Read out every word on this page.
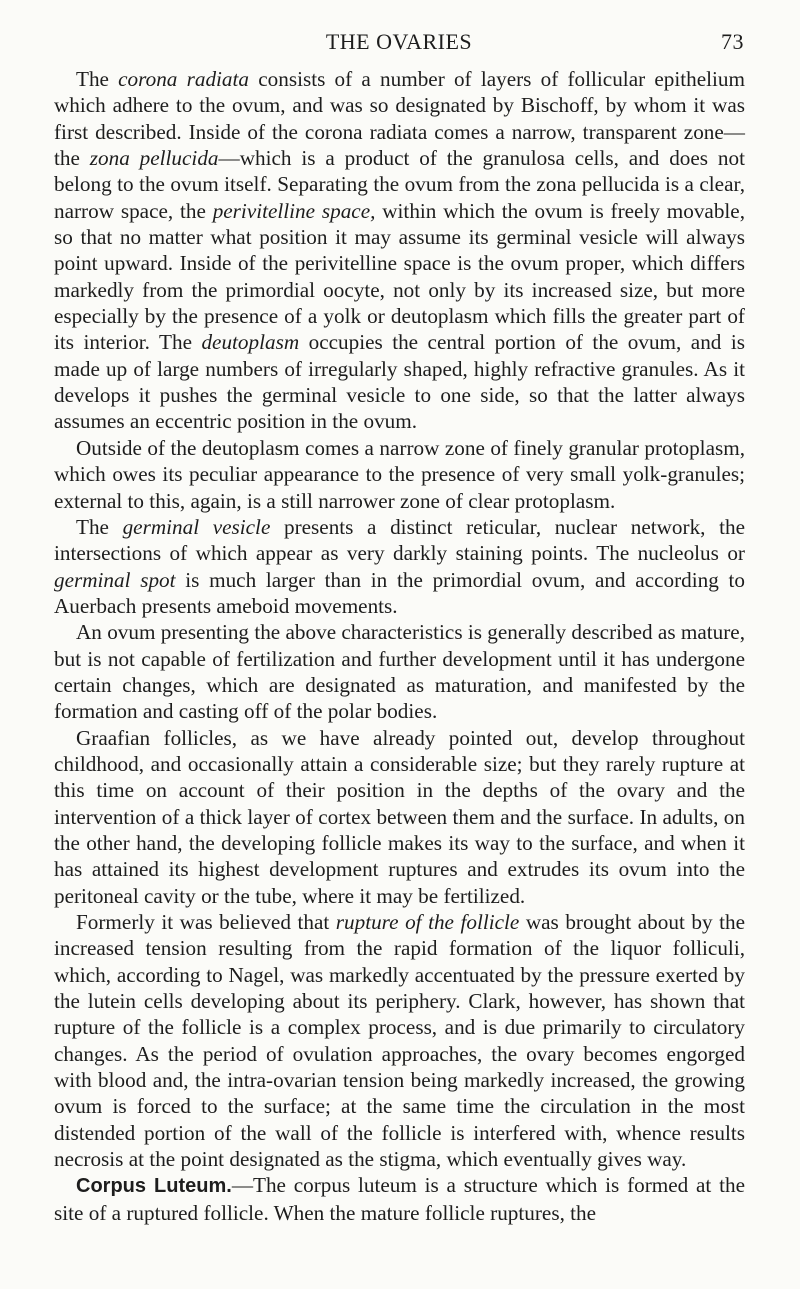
THE OVARIES	73

The corona radiata consists of a number of layers of follicular epithelium which adhere to the ovum, and was so designated by Bischoff, by whom it was first described. Inside of the corona radiata comes a narrow, transparent zone—the zona pellucida—which is a product of the granulosa cells, and does not belong to the ovum itself. Separating the ovum from the zona pellucida is a clear, narrow space, the perivitelline space, within which the ovum is freely movable, so that no matter what position it may assume its germinal vesicle will always point upward. Inside of the perivitelline space is the ovum proper, which differs markedly from the primordial oocyte, not only by its increased size, but more especially by the presence of a yolk or deutoplasm which fills the greater part of its interior. The deutoplasm occupies the central portion of the ovum, and is made up of large numbers of irregularly shaped, highly refractive granules. As it develops it pushes the germinal vesicle to one side, so that the latter always assumes an eccentric position in the ovum.

Outside of the deutoplasm comes a narrow zone of finely granular protoplasm, which owes its peculiar appearance to the presence of very small yolk-granules; external to this, again, is a still narrower zone of clear protoplasm.

The germinal vesicle presents a distinct reticular, nuclear network, the intersections of which appear as very darkly staining points. The nucleolus or germinal spot is much larger than in the primordial ovum, and according to Auerbach presents ameboid movements.

An ovum presenting the above characteristics is generally described as mature, but is not capable of fertilization and further development until it has undergone certain changes, which are designated as maturation, and manifested by the formation and casting off of the polar bodies.

Graafian follicles, as we have already pointed out, develop throughout childhood, and occasionally attain a considerable size; but they rarely rupture at this time on account of their position in the depths of the ovary and the intervention of a thick layer of cortex between them and the surface. In adults, on the other hand, the developing follicle makes its way to the surface, and when it has attained its highest development ruptures and extrudes its ovum into the peritoneal cavity or the tube, where it may be fertilized.

Formerly it was believed that rupture of the follicle was brought about by the increased tension resulting from the rapid formation of the liquor folliculi, which, according to Nagel, was markedly accentuated by the pressure exerted by the lutein cells developing about its periphery. Clark, however, has shown that rupture of the follicle is a complex process, and is due primarily to circulatory changes. As the period of ovulation approaches, the ovary becomes engorged with blood and, the intra-ovarian tension being markedly increased, the growing ovum is forced to the surface; at the same time the circulation in the most distended portion of the wall of the follicle is interfered with, whence results necrosis at the point designated as the stigma, which eventually gives way.

Corpus Luteum.—The corpus luteum is a structure which is formed at the site of a ruptured follicle. When the mature follicle ruptures, the
